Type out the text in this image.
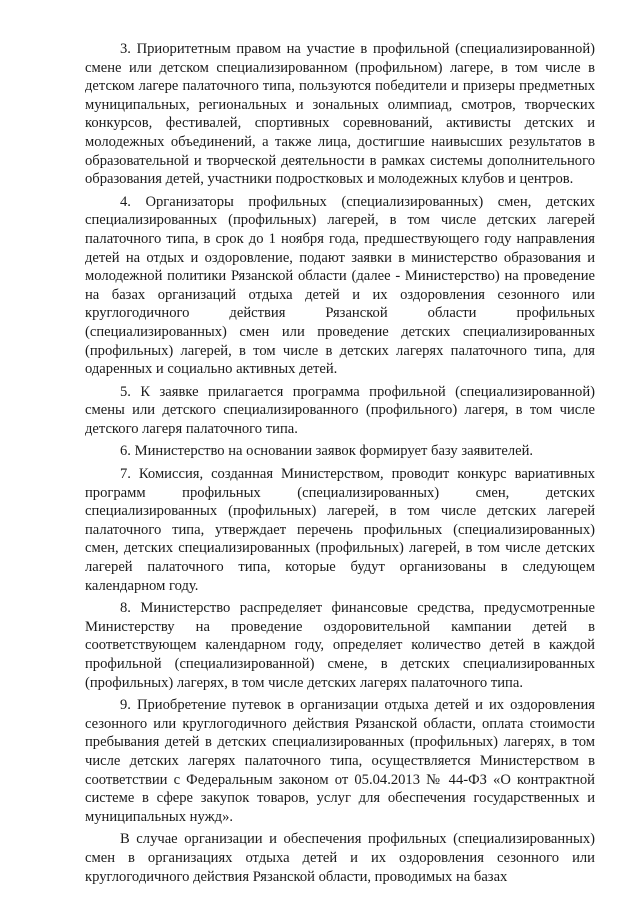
3. Приоритетным правом на участие в профильной (специализированной) смене или детском специализированном (профильном) лагере, в том числе в детском лагере палаточного типа, пользуются победители и призеры предметных муниципальных, региональных и зональных олимпиад, смотров, творческих конкурсов, фестивалей, спортивных соревнований, активисты детских и молодежных объединений, а также лица, достигшие наивысших результатов в образовательной и творческой деятельности в рамках системы дополнительного образования детей, участники подростковых и молодежных клубов и центров.

4. Организаторы профильных (специализированных) смен, детских специализированных (профильных) лагерей, в том числе детских лагерей палаточного типа, в срок до 1 ноября года, предшествующего году направления детей на отдых и оздоровление, подают заявки в министерство образования и молодежной политики Рязанской области (далее - Министерство) на проведение на базах организаций отдыха детей и их оздоровления сезонного или круглогодичного действия Рязанской области профильных (специализированных) смен или проведение детских специализированных (профильных) лагерей, в том числе в детских лагерях палаточного типа, для одаренных и социально активных детей.

5. К заявке прилагается программа профильной (специализированной) смены или детского специализированного (профильного) лагеря, в том числе детского лагеря палаточного типа.

6. Министерство на основании заявок формирует базу заявителей.

7. Комиссия, созданная Министерством, проводит конкурс вариативных программ профильных (специализированных) смен, детских специализированных (профильных) лагерей, в том числе детских лагерей палаточного типа, утверждает перечень профильных (специализированных) смен, детских специализированных (профильных) лагерей, в том числе детских лагерей палаточного типа, которые будут организованы в следующем календарном году.

8. Министерство распределяет финансовые средства, предусмотренные Министерству на проведение оздоровительной кампании детей в соответствующем календарном году, определяет количество детей в каждой профильной (специализированной) смене, в детских специализированных (профильных) лагерях, в том числе детских лагерях палаточного типа.

9. Приобретение путевок в организации отдыха детей и их оздоровления сезонного или круглогодичного действия Рязанской области, оплата стоимости пребывания детей в детских специализированных (профильных) лагерях, в том числе детских лагерях палаточного типа, осуществляется Министерством в соответствии с Федеральным законом от 05.04.2013 № 44-ФЗ «О контрактной системе в сфере закупок товаров, услуг для обеспечения государственных и муниципальных нужд».

В случае организации и обеспечения профильных (специализированных) смен в организациях отдыха детей и их оздоровления сезонного или круглогодичного действия Рязанской области, проводимых на базах
